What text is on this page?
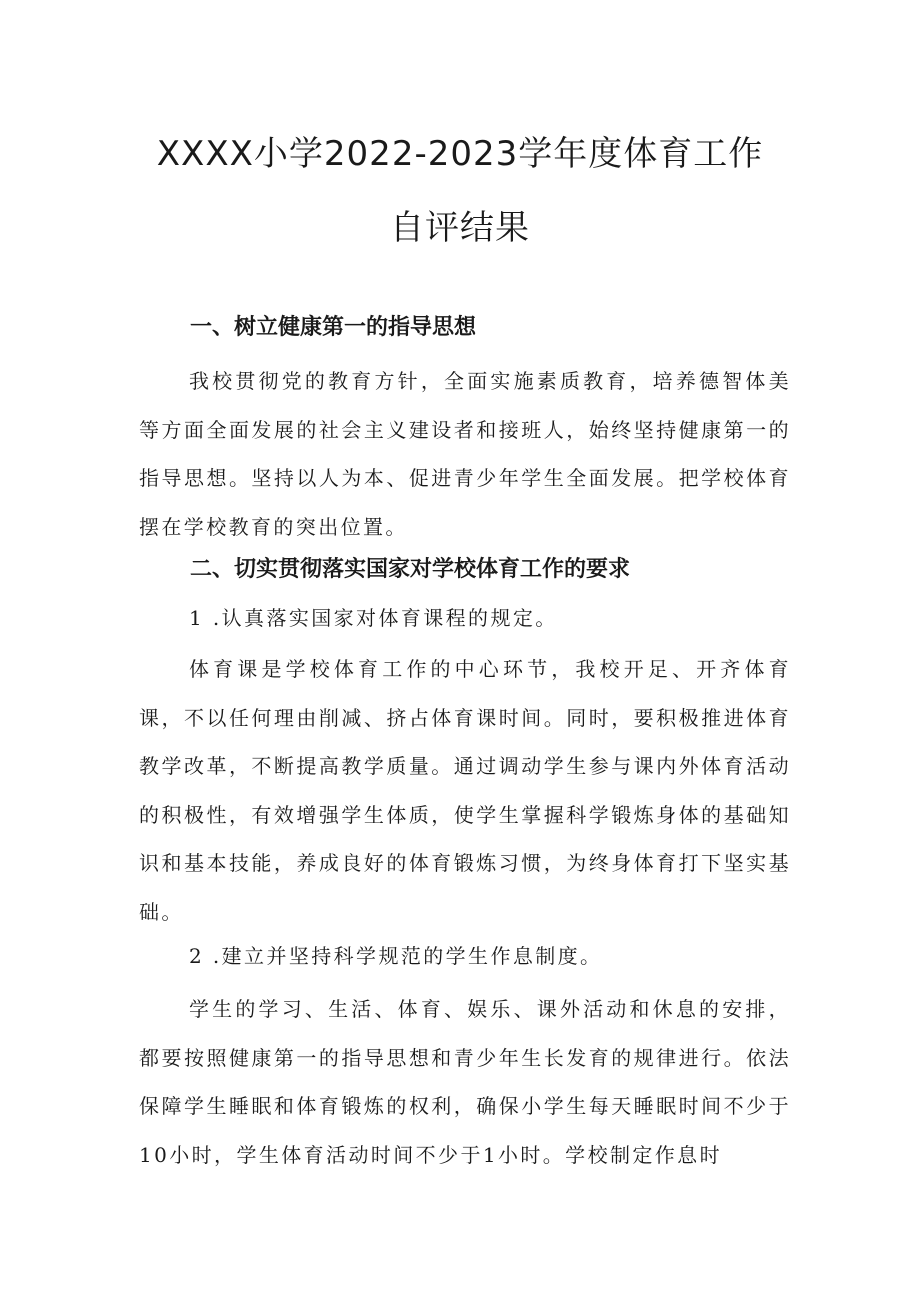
XXXX小学2022-2023学年度体育工作
自评结果
一、树立健康第一的指导思想

我校贯彻党的教育方针，全面实施素质教育，培养德智体美等方面全面发展的社会主义建设者和接班人，始终坚持健康第一的指导思想。坚持以人为本、促进青少年学生全面发展。把学校体育摆在学校教育的突出位置。

二、切实贯彻落实国家对学校体育工作的要求

1 .认真落实国家对体育课程的规定。

体育课是学校体育工作的中心环节，我校开足、开齐体育课，不以任何理由削减、挤占体育课时间。同时，要积极推进体育教学改革，不断提高教学质量。通过调动学生参与课内外体育活动的积极性，有效增强学生体质，使学生掌握科学锻炼身体的基础知识和基本技能，养成良好的体育锻炼习惯，为终身体育打下坚实基础。

2 .建立并坚持科学规范的学生作息制度。

学生的学习、生活、体育、娱乐、课外活动和休息的安排，都要按照健康第一的指导思想和青少年生长发育的规律进行。依法保障学生睡眠和体育锻炼的权利，确保小学生每天睡眠时间不少于10小时，学生体育活动时间不少于1小时。学校制定作息时
